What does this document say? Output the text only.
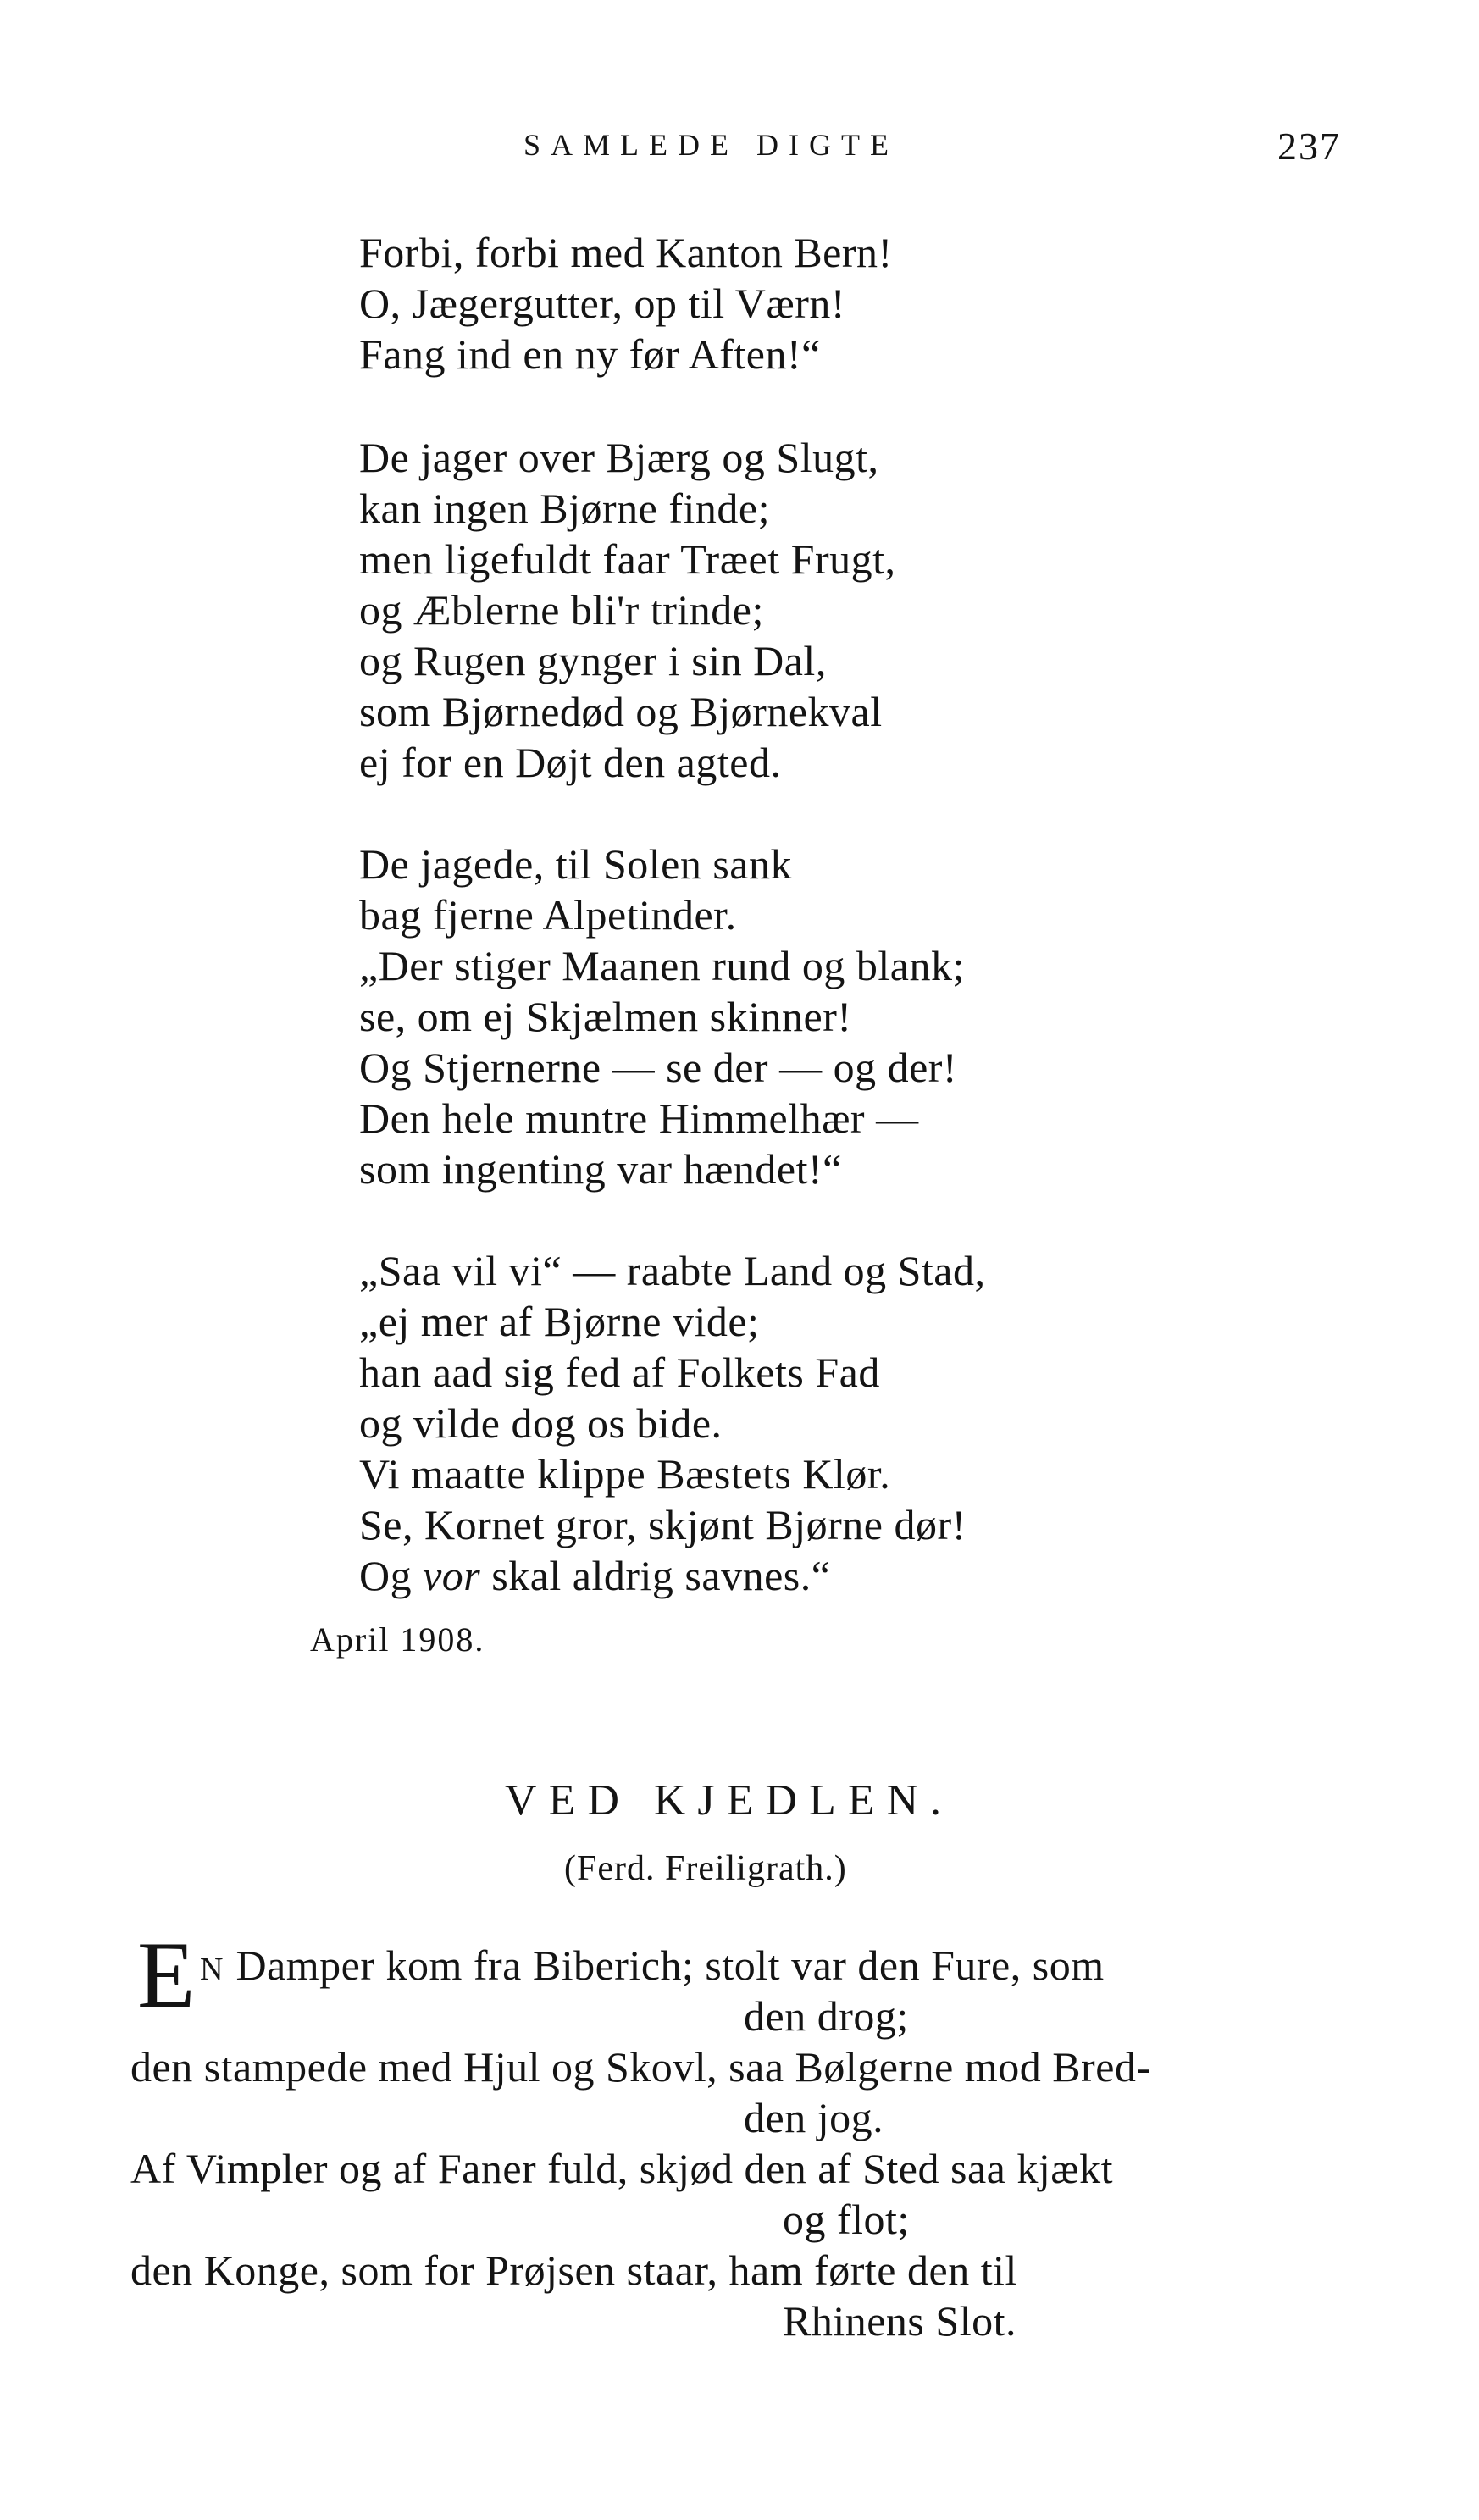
SAMLEDE DIGTE	237
Forbi, forbi med Kanton Bern!
O, Jægergutter, op til Værn!
Fang ind en ny før Aften!“
De jager over Bjærg og Slugt,
kan ingen Bjørne finde;
men ligefuldt faar Træet Frugt,
og Æblerne bli'r trinde;
og Rugen gynger i sin Dal,
som Bjørnedød og Bjørnekval
ej for en Døjt den agted.
De jagede, til Solen sank
bag fjerne Alpetinder.
„Der stiger Maanen rund og blank;
se, om ej Skjælmen skinner!
Og Stjernerne — se der — og der!
Den hele muntre Himmelhær —
som ingenting var hændet!“
„Saa vil vi“ — raabte Land og Stad,
„ej mer af Bjørne vide;
han aad sig fed af Folkets Fad
og vilde dog os bide.
Vi maatte klippe Bæstets Klør.
Se, Kornet gror, skjønt Bjørne dør!
Og vor skal aldrig savnes.“
April 1908.
VED KJEDLEN.
(Ferd. Freiligrath.)
E N Damper kom fra Biberich; stolt var den Fure, som
den drog;
den stampede med Hjul og Skovl, saa Bølgerne mod Bred-
den jog.
Af Vimpler og af Faner fuld, skjød den af Sted saa kjækt
og flot;
den Konge, som for Prøjsen staar, ham førte den til
Rhinens Slot.
